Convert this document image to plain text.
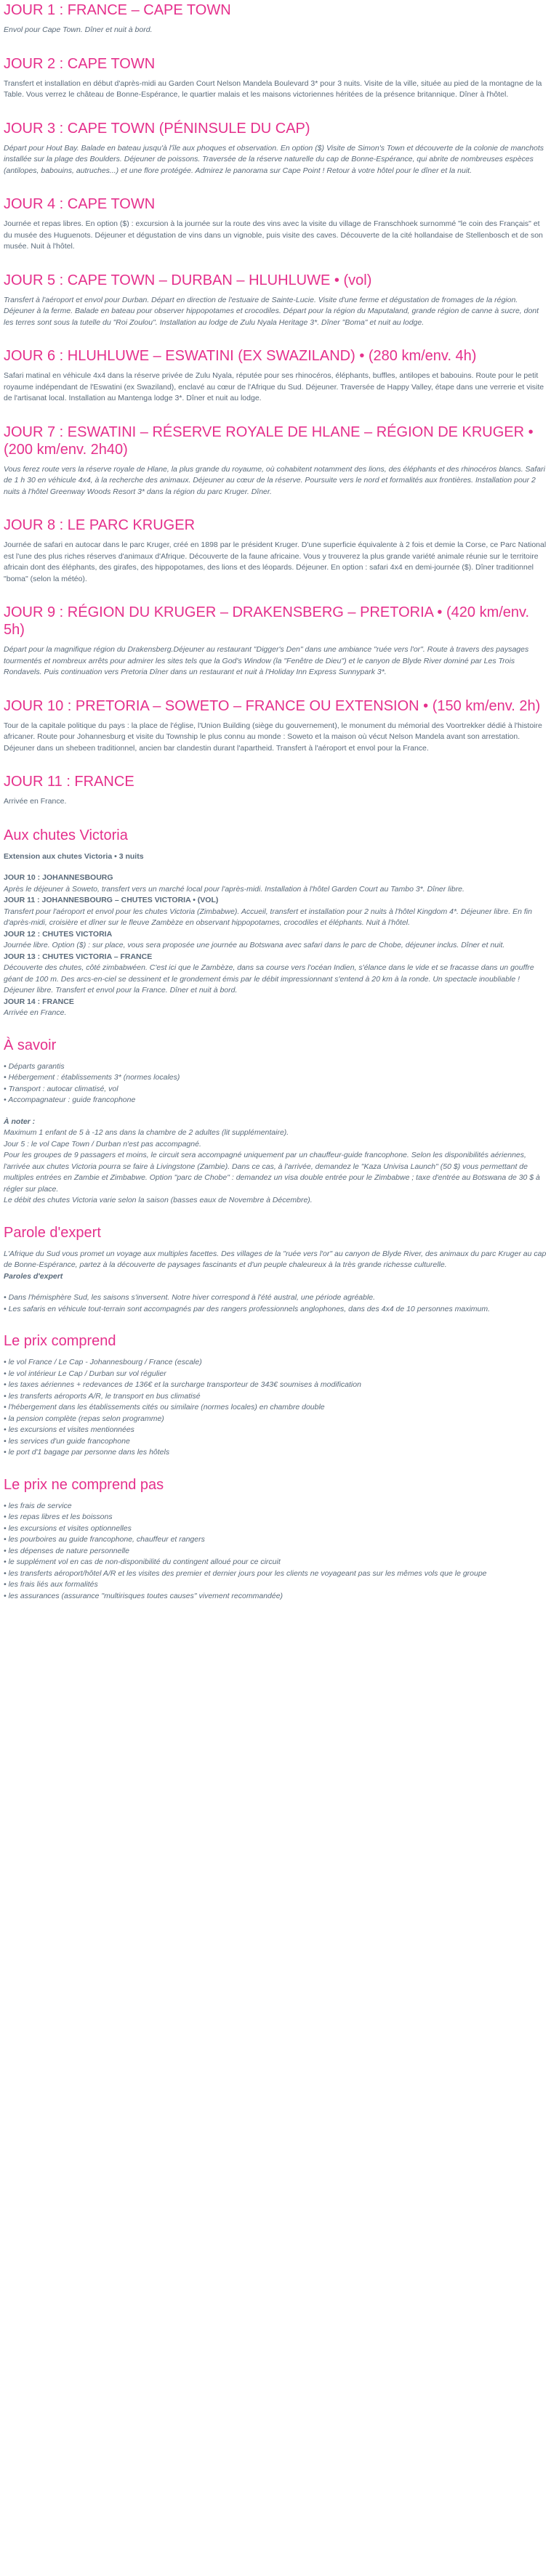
JOUR 1 : FRANCE – CAPE TOWN

Envol pour Cape Town. Dîner et nuit à bord.

JOUR 2 : CAPE TOWN

Transfert et installation en début d'après-midi au Garden Court Nelson Mandela Boulevard 3* pour 3 nuits. Visite de la ville, située au pied de la montagne de la Table. Vous verrez le château de Bonne-Espérance, le quartier malais et les maisons victoriennes héritées de la présence britannique. Dîner à l'hôtel.

JOUR 3 : CAPE TOWN (PÉNINSULE DU CAP)

Départ pour Hout Bay. Balade en bateau jusqu'à l'île aux phoques et observation. En option ($) Visite de Simon's Town et découverte de la colonie de manchots installée sur la plage des Boulders. Déjeuner de poissons. Traversée de la réserve naturelle du cap de Bonne-Espérance, qui abrite de nombreuses espèces (antilopes, babouins, autruches...) et une flore protégée. Admirez le panorama sur Cape Point ! Retour à votre hôtel pour le dîner et la nuit.

JOUR 4 : CAPE TOWN

Journée et repas libres. En option ($) : excursion à la journée sur la route des vins avec la visite du village de Franschhoek surnommé "le coin des Français" et du musée des Huguenots. Déjeuner et dégustation de vins dans un vignoble, puis visite des caves. Découverte de la cité hollandaise de Stellenbosch et de son musée. Nuit à l'hôtel.

JOUR 5 : CAPE TOWN – DURBAN – HLUHLUWE • (vol)

Transfert à l'aéroport et envol pour Durban. Départ en direction de l'estuaire de Sainte-Lucie. Visite d'une ferme et dégustation de fromages de la région. Déjeuner à la ferme. Balade en bateau pour observer hippopotames et crocodiles. Départ pour la région du Maputaland, grande région de canne à sucre, dont les terres sont sous la tutelle du "Roi Zoulou". Installation au lodge de Zulu Nyala Heritage 3*. Dîner "Boma" et nuit au lodge.

JOUR 6 : HLUHLUWE – ESWATINI (EX SWAZILAND) • (280 km/env. 4h)

Safari matinal en véhicule 4x4 dans la réserve privée de Zulu Nyala, réputée pour ses rhinocéros, éléphants, buffles, antilopes et babouins. Route pour le petit royaume indépendant de l'Eswatini (ex Swaziland), enclavé au cœur de l'Afrique du Sud. Déjeuner. Traversée de Happy Valley, étape dans une verrerie et visite de l'artisanat local. Installation au Mantenga lodge 3*. Dîner et nuit au lodge.

JOUR 7 : ESWATINI – RÉSERVE ROYALE DE HLANE – RÉGION DE KRUGER • (200 km/env. 2h40)

Vous ferez route vers la réserve royale de Hlane, la plus grande du royaume, où cohabitent notamment des lions, des éléphants et des rhinocéros blancs. Safari de 1 h 30 en véhicule 4x4, à la recherche des animaux. Déjeuner au cœur de la réserve. Poursuite vers le nord et formalités aux frontières. Installation pour 2 nuits à l'hôtel Greenway Woods Resort 3* dans la région du parc Kruger. Dîner.

JOUR 8 : LE PARC KRUGER

Journée de safari en autocar dans le parc Kruger, créé en 1898 par le président Kruger. D'une superficie équivalente à 2 fois et demie la Corse, ce Parc National est l'une des plus riches réserves d'animaux d'Afrique. Découverte de la faune africaine. Vous y trouverez la plus grande variété animale réunie sur le territoire africain dont des éléphants, des girafes, des hippopotames, des lions et des léopards. Déjeuner. En option : safari 4x4 en demi-journée ($). Dîner traditionnel "boma" (selon la météo).

JOUR 9 : RÉGION DU KRUGER – DRAKENSBERG – PRETORIA • (420 km/env. 5h)

Départ pour la magnifique région du Drakensberg.Déjeuner au restaurant "Digger's Den" dans une ambiance "ruée vers l'or". Route à travers des paysages tourmentés et nombreux arrêts pour admirer les sites tels que la God's Window (la "Fenêtre de Dieu") et le canyon de Blyde River dominé par Les Trois Rondavels. Puis continuation vers Pretoria Dîner dans un restaurant et nuit à l'Holiday Inn Express Sunnypark 3*.

JOUR 10 : PRETORIA – SOWETO – FRANCE OU EXTENSION • (150 km/env. 2h)

Tour de la capitale politique du pays : la place de l'église, l'Union Building (siège du gouvernement), le monument du mémorial des Voortrekker dédié à l'histoire africaner. Route pour Johannesburg et visite du Township le plus connu au monde : Soweto et la maison où vécut Nelson Mandela avant son arrestation. Déjeuner dans un shebeen traditionnel, ancien bar clandestin durant l'apartheid. Transfert à l'aéroport et envol pour la France.

JOUR 11 : FRANCE

Arrivée en France.

Aux chutes Victoria

Extension aux chutes Victoria • 3 nuits

JOUR 10 : JOHANNESBOURG

Après le déjeuner à Soweto, transfert vers un marché local pour l'après-midi. Installation à l'hôtel Garden Court au Tambo 3*. Dîner libre.

JOUR 11 : JOHANNESBOURG – CHUTES VICTORIA • (VOL)

Transfert pour l'aéroport et envol pour les chutes Victoria (Zimbabwe). Accueil, transfert et installation pour 2 nuits à l'hôtel Kingdom 4*. Déjeuner libre. En fin d'après-midi, croisière et dîner sur le fleuve Zambèze en observant hippopotames, crocodiles et éléphants. Nuit à l'hôtel.

JOUR 12 : CHUTES VICTORIA

Journée libre. Option ($) : sur place, vous sera proposée une journée au Botswana avec safari dans le parc de Chobe, déjeuner inclus. Dîner et nuit.

JOUR 13 : CHUTES VICTORIA – FRANCE

Découverte des chutes, côté zimbabwéen. C'est ici que le Zambèze, dans sa course vers l'océan Indien, s'élance dans le vide et se fracasse dans un gouffre géant de 100 m. Des arcs-en-ciel se dessinent et le grondement émis par le débit impressionnant s'entend à 20 km à la ronde. Un spectacle inoubliable ! Déjeuner libre. Transfert et envol pour la France. Dîner et nuit à bord.

JOUR 14 : FRANCE

Arrivée en France.

À savoir
• Départs garantis
• Hébergement : établissements 3* (normes locales)
• Transport : autocar climatisé, vol
• Accompagnateur : guide francophone

À noter :

Maximum 1 enfant de 5 à -12 ans dans la chambre de 2 adultes (lit supplémentaire).

Jour 5 : le vol Cape Town / Durban n'est pas accompagné.

Pour les groupes de 9 passagers et moins, le circuit sera accompagné uniquement par un chauffeur-guide francophone. Selon les disponibilités aériennes, l'arrivée aux chutes Victoria pourra se faire à Livingstone (Zambie). Dans ce cas, à l'arrivée, demandez le "Kaza Univisa Launch" (50 $) vous permettant de multiples entrées en Zambie et Zimbabwe. Option "parc de Chobe" : demandez un visa double entrée pour le Zimbabwe ; taxe d'entrée au Botswana de 30 $ à régler sur place.

Le débit des chutes Victoria varie selon la saison (basses eaux de Novembre à Décembre).

Parole d'expert

L'Afrique du Sud vous promet un voyage aux multiples facettes. Des villages de la "ruée vers l'or" au canyon de Blyde River, des animaux du parc Kruger au cap de Bonne-Espérance, partez à la découverte de paysages fascinants et d'un peuple chaleureux à la très grande richesse culturelle.

Paroles d'expert

• Dans l'hémisphère Sud, les saisons s'inversent. Notre hiver correspond à l'été austral, une période agréable.
• Les safaris en véhicule tout-terrain sont accompagnés par des rangers professionnels anglophones, dans des 4x4 de 10 personnes maximum.
Le prix comprend
• le vol France / Le Cap - Johannesbourg / France (escale)
• le vol intérieur Le Cap / Durban sur vol régulier
• les taxes aériennes + redevances de 136€ et la surcharge transporteur de 343€ soumises à modification
• les transferts aéroports A/R, le transport en bus climatisé
• l'hébergement dans les établissements cités ou similaire (normes locales) en chambre double
• la pension complète (repas selon programme)
• les excursions et visites mentionnées
• les services d'un guide francophone
• le port d'1 bagage par personne dans les hôtels
Le prix ne comprend pas
• les frais de service
• les repas libres et les boissons
• les excursions et visites optionnelles
• les pourboires au guide francophone, chauffeur et rangers
• les dépenses de nature personnelle
• le supplément vol en cas de non-disponibilité du contingent alloué pour ce circuit
• les transferts aéroport/hôtel A/R et les visites des premier et dernier jours pour les clients ne voyageant pas sur les mêmes vols que le groupe
• les frais liés aux formalités
• les assurances (assurance "multirisques toutes causes" vivement recommandée)
